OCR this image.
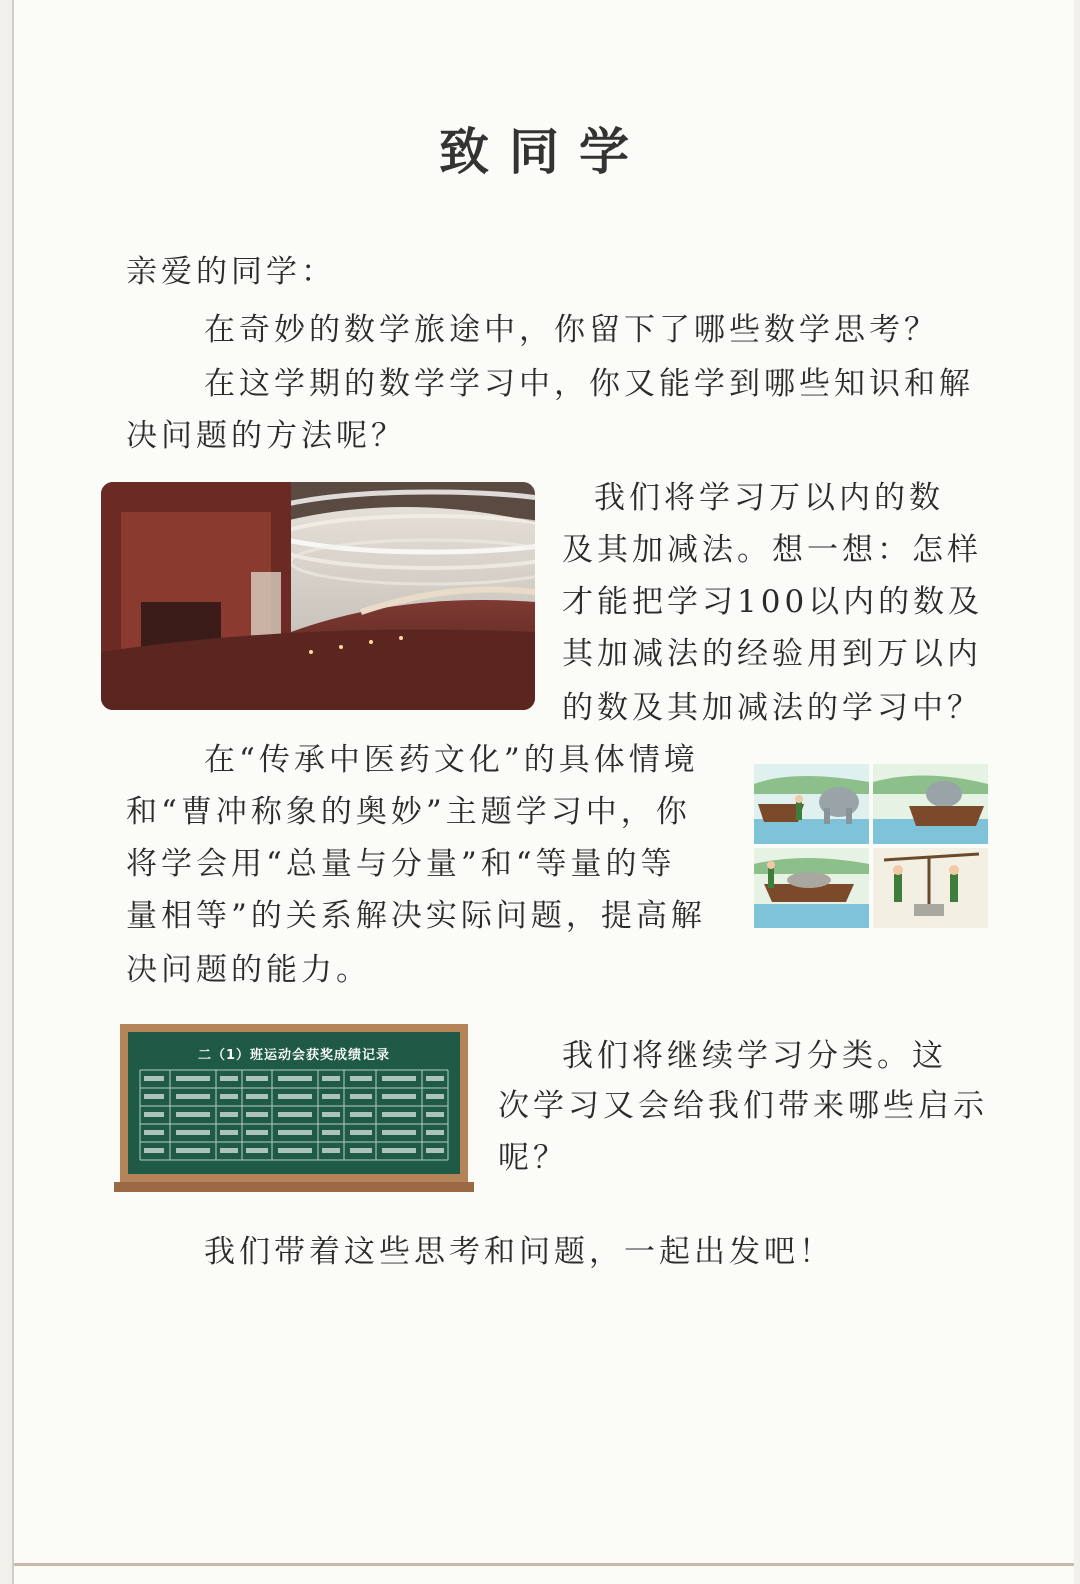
致同学
亲爱的同学：
在奇妙的数学旅途中，你留下了哪些数学思考？
在这学期的数学学习中，你又能学到哪些知识和解
决问题的方法呢？
我们将学习万以内的数
及其加减法。想一想：怎样
才能把学习100以内的数及
其加减法的经验用到万以内
的数及其加减法的学习中？
在“传承中医药文化”的具体情境
和“曹冲称象的奥妙”主题学习中，你
将学会用“总量与分量”和“等量的等
量相等”的关系解决实际问题，提高解
决问题的能力。
二（1）班运动会获奖成绩记录	我们将继续学习分类。这
次学习又会给我们带来哪些启示
呢？
我们带着这些思考和问题，一起出发吧！
